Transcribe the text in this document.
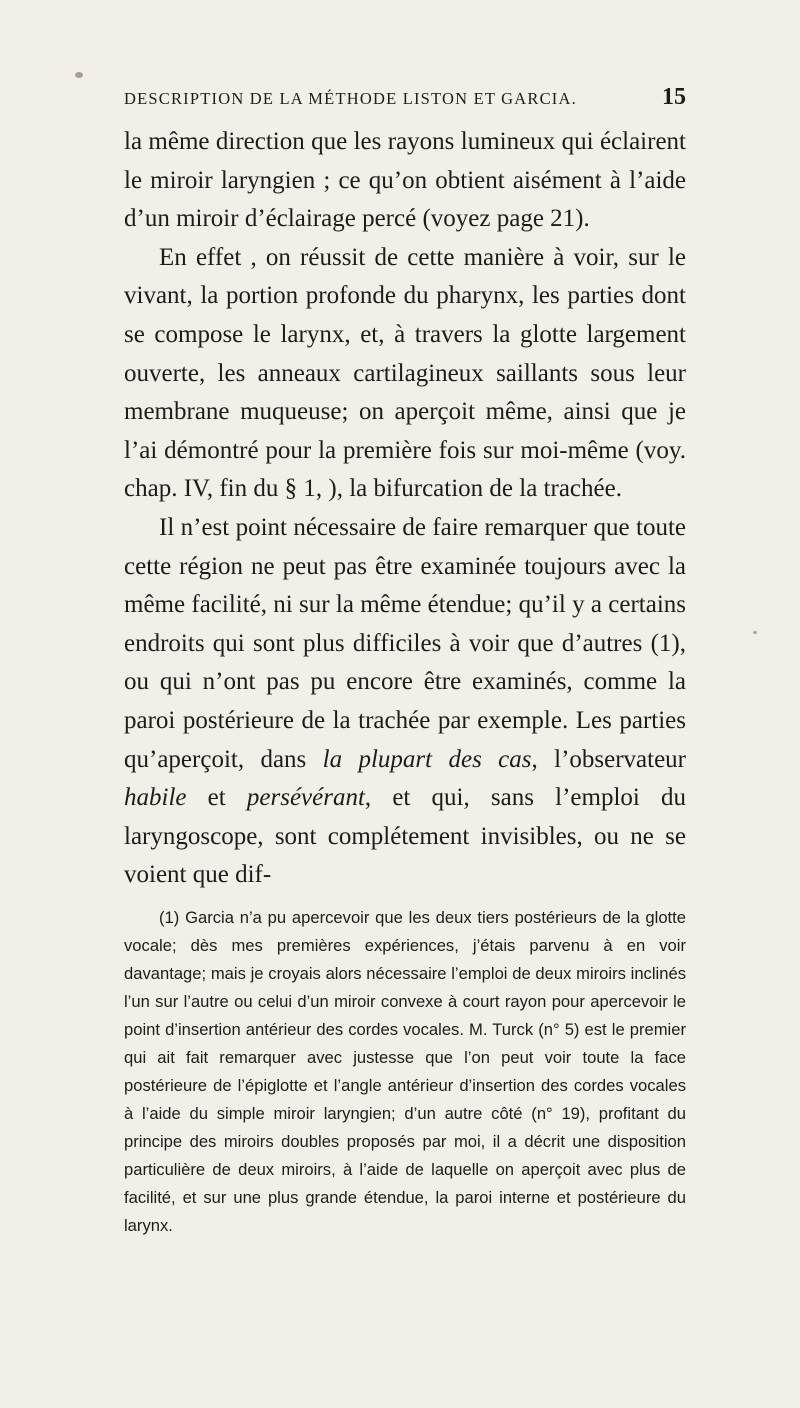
DESCRIPTION DE LA MÉTHODE LISTON ET GARCIA.	15

la même direction que les rayons lumineux qui éclairent le miroir laryngien ; ce qu’on obtient aisément à l’aide d’un miroir d’éclairage percé (voyez page 21).

En effet , on réussit de cette manière à voir, sur le vivant, la portion profonde du pharynx, les parties dont se compose le larynx, et, à travers la glotte largement ouverte, les anneaux cartilagineux saillants sous leur membrane muqueuse; on aperçoit même, ainsi que je l’ai démontré pour la première fois sur moi-même (voy. chap. IV, fin du § 1, ), la bifurcation de la trachée.

Il n’est point nécessaire de faire remarquer que toute cette région ne peut pas être examinée toujours avec la même facilité, ni sur la même étendue; qu’il y a certains endroits qui sont plus difficiles à voir que d’autres (1), ou qui n’ont pas pu encore être examinés, comme la paroi postérieure de la trachée par exemple. Les parties qu’aperçoit, dans la plupart des cas, l’observateur habile et persévérant, et qui, sans l’emploi du laryngoscope, sont complétement invisibles, ou ne se voient que dif-

(1) Garcia n’a pu apercevoir que les deux tiers postérieurs de la glotte vocale; dès mes premières expériences, j’étais parvenu à en voir davantage; mais je croyais alors nécessaire l’emploi de deux miroirs inclinés l’un sur l’autre ou celui d’un miroir convexe à court rayon pour apercevoir le point d’insertion antérieur des cordes vocales. M. Turck (n° 5) est le premier qui ait fait remarquer avec justesse que l’on peut voir toute la face postérieure de l’épiglotte et l’angle antérieur d’insertion des cordes vocales à l’aide du simple miroir laryngien; d’un autre côté (n° 19), profitant du principe des miroirs doubles proposés par moi, il a décrit une disposition particulière de deux miroirs, à l’aide de laquelle on aperçoit avec plus de facilité, et sur une plus grande étendue, la paroi interne et postérieure du larynx.
